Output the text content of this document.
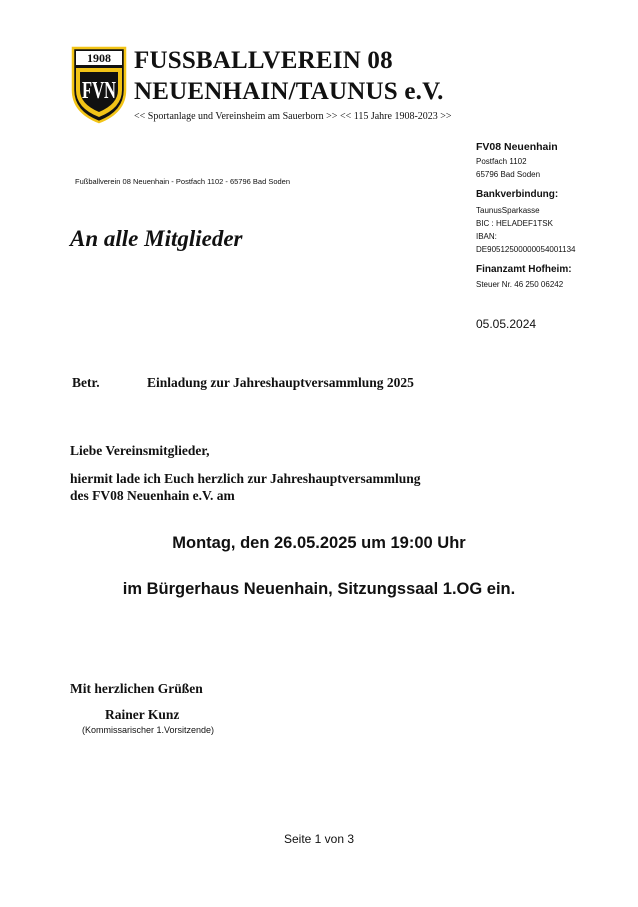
1908
FVN
FUSSBALLVEREIN 08
NEUENHAIN/TAUNUS e.V.
<< Sportanlage und Vereinsheim am Sauerborn >> << 115 Jahre 1908-2023 >>
FV08 Neuenhain
Postfach 1102
65796 Bad Soden
Bankverbindung:
TaunusSparkasse
BIC : HELADEF1TSK
IBAN:
DE90512500000054001134
Finanzamt Hofheim:
Steuer Nr. 46 250 06242
Fußballverein 08 Neuenhain - Postfach 1102 - 65796 Bad Soden
An alle Mitglieder
05.05.2024
Betr.	Einladung zur Jahreshauptversammlung 2025
Liebe Vereinsmitglieder,
hiermit lade ich Euch herzlich zur Jahreshauptversammlung
des FV08 Neuenhain e.V. am
Montag, den 26.05.2025 um 19:00 Uhr
im Bürgerhaus Neuenhain, Sitzungssaal 1.OG ein.
Mit herzlichen Grüßen
Rainer Kunz
(Kommissarischer 1.Vorsitzende)
Seite 1 von 3
